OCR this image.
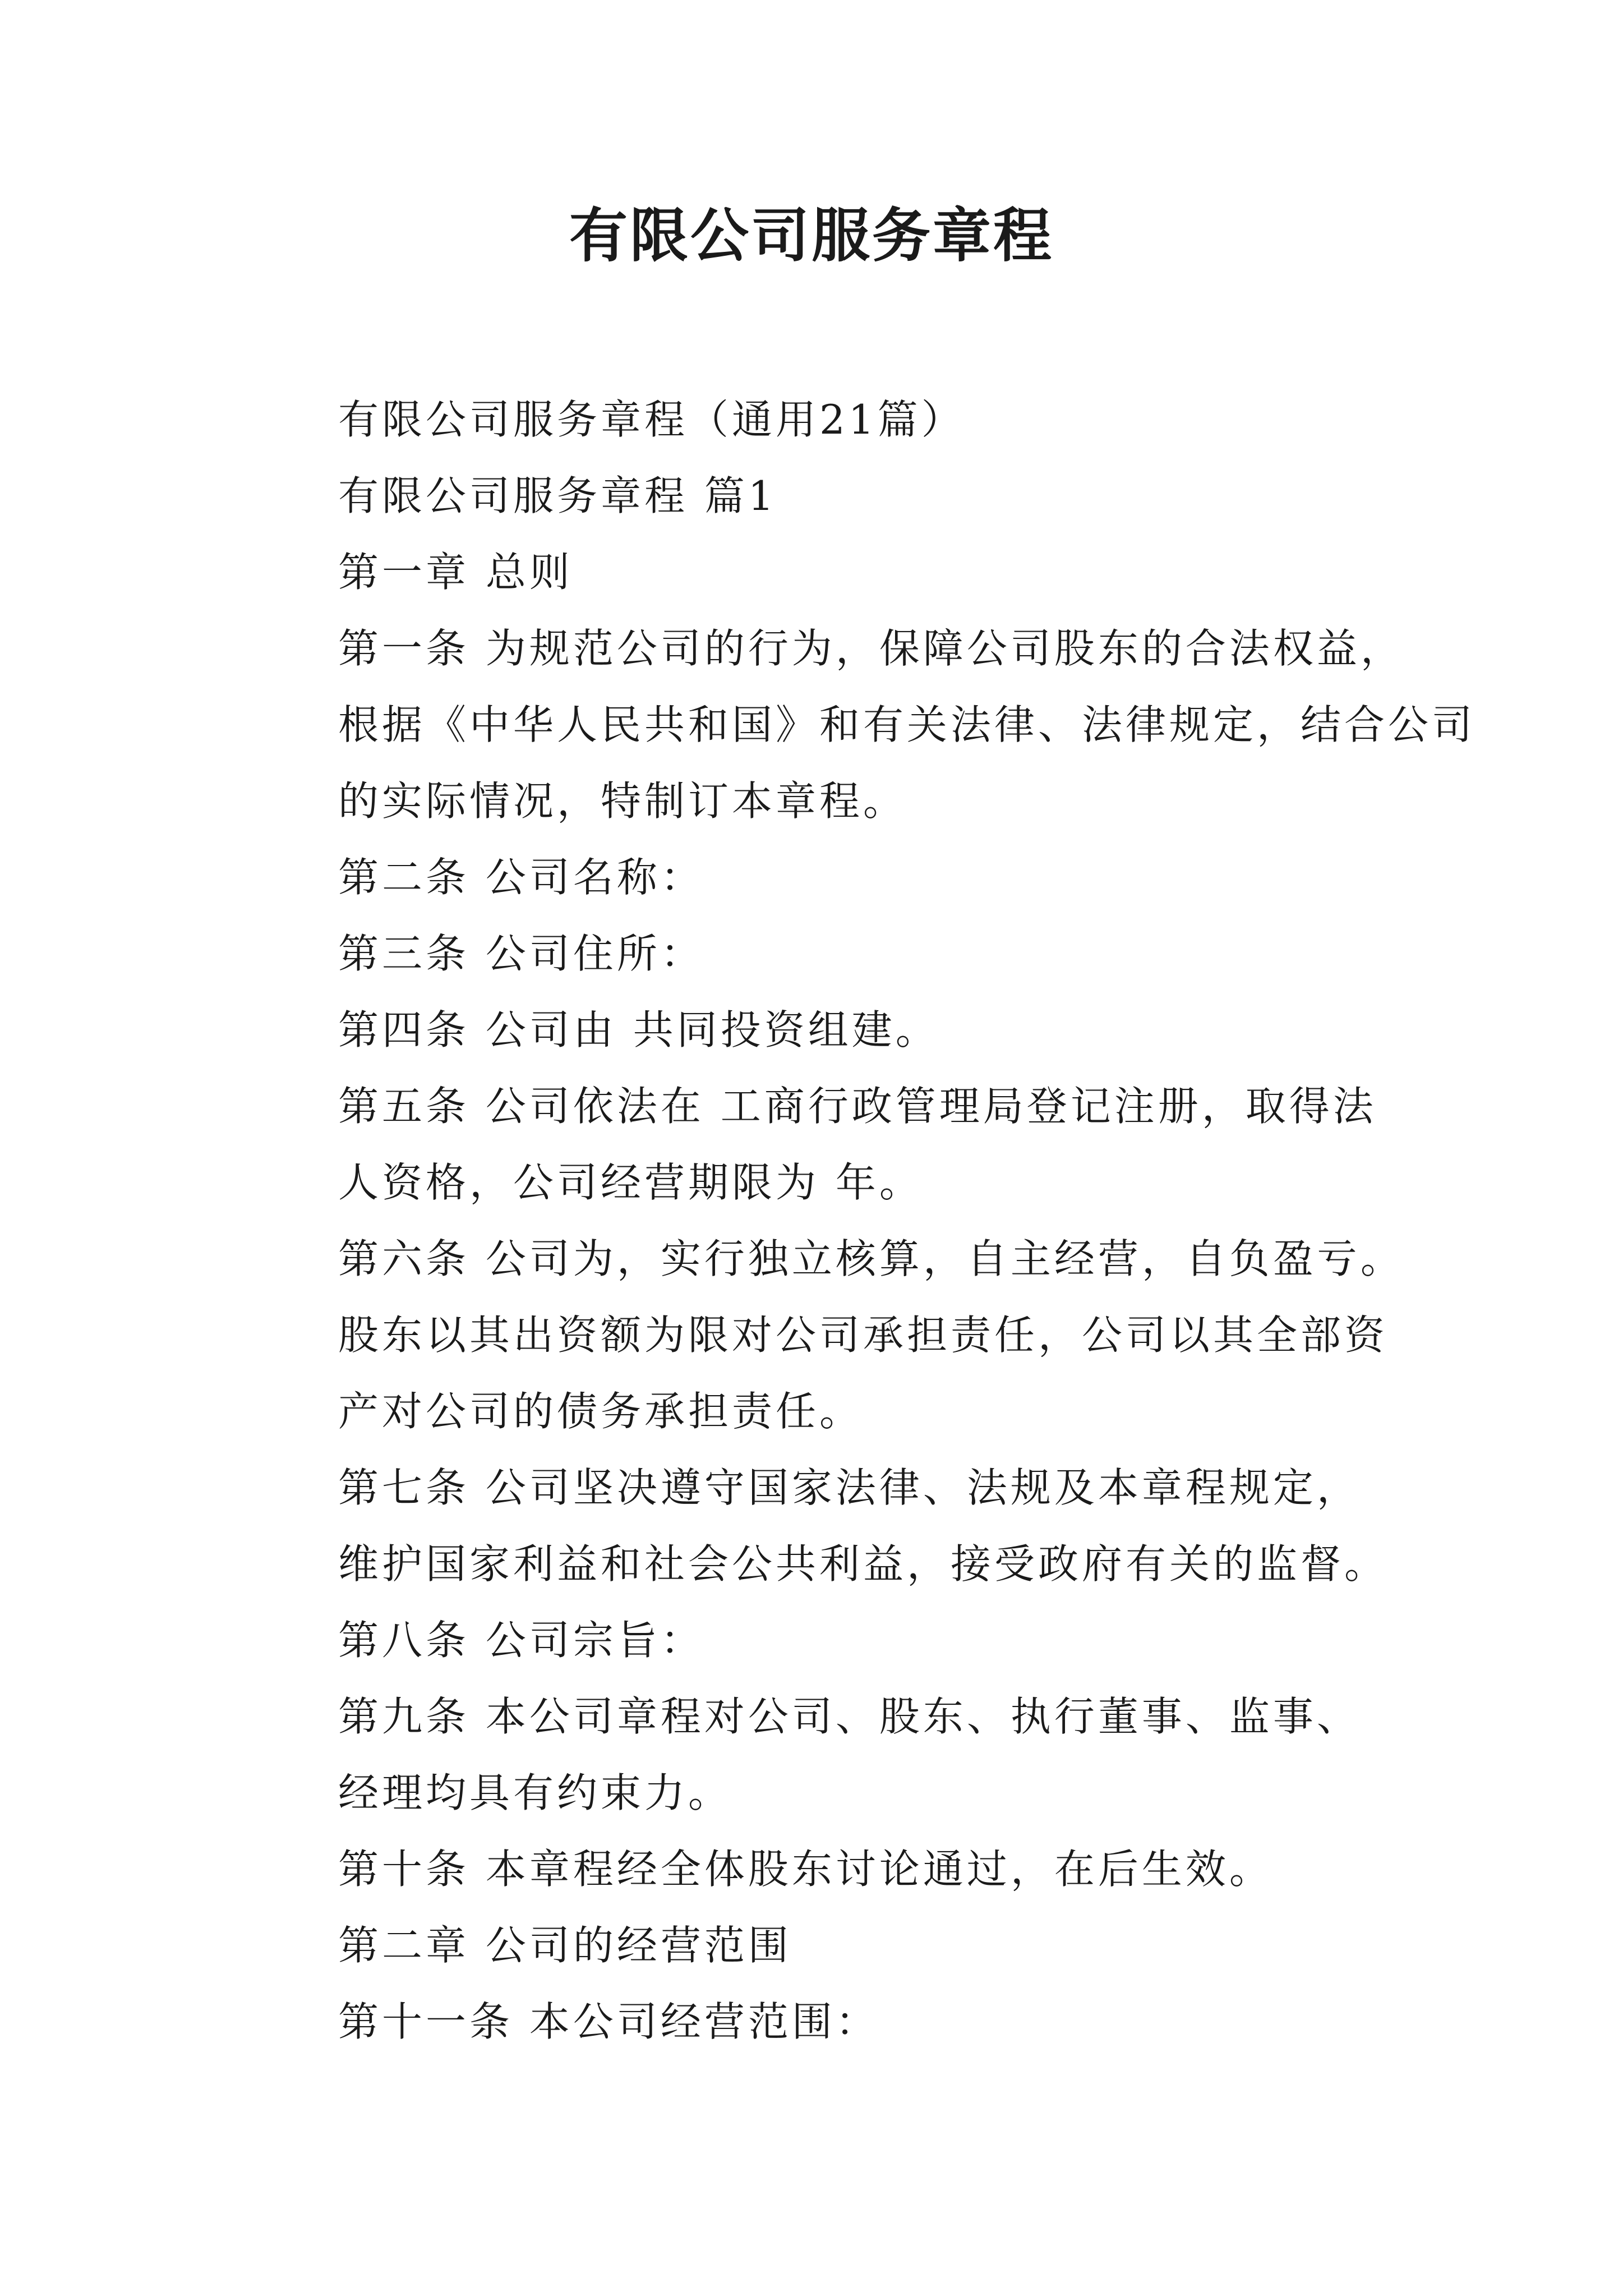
有限公司服务章程

有限公司服务章程（通用21篇）

有限公司服务章程 篇1

第一章 总则

第一条 为规范公司的行为，保障公司股东的合法权益，
根据《中华人民共和国》和有关法律、法律规定，结合公司
的实际情况，特制订本章程。

第二条 公司名称：

第三条 公司住所：

第四条 公司由 共同投资组建。

第五条 公司依法在 工商行政管理局登记注册，取得法
人资格，公司经营期限为 年。

第六条 公司为，实行独立核算，自主经营，自负盈亏。

股东以其出资额为限对公司承担责任，公司以其全部资
产对公司的债务承担责任。

第七条 公司坚决遵守国家法律、法规及本章程规定，
维护国家利益和社会公共利益，接受政府有关的监督。

第八条 公司宗旨：

第九条 本公司章程对公司、股东、执行董事、监事、
经理均具有约束力。

第十条 本章程经全体股东讨论通过，在后生效。

第二章 公司的经营范围

第十一条 本公司经营范围：
